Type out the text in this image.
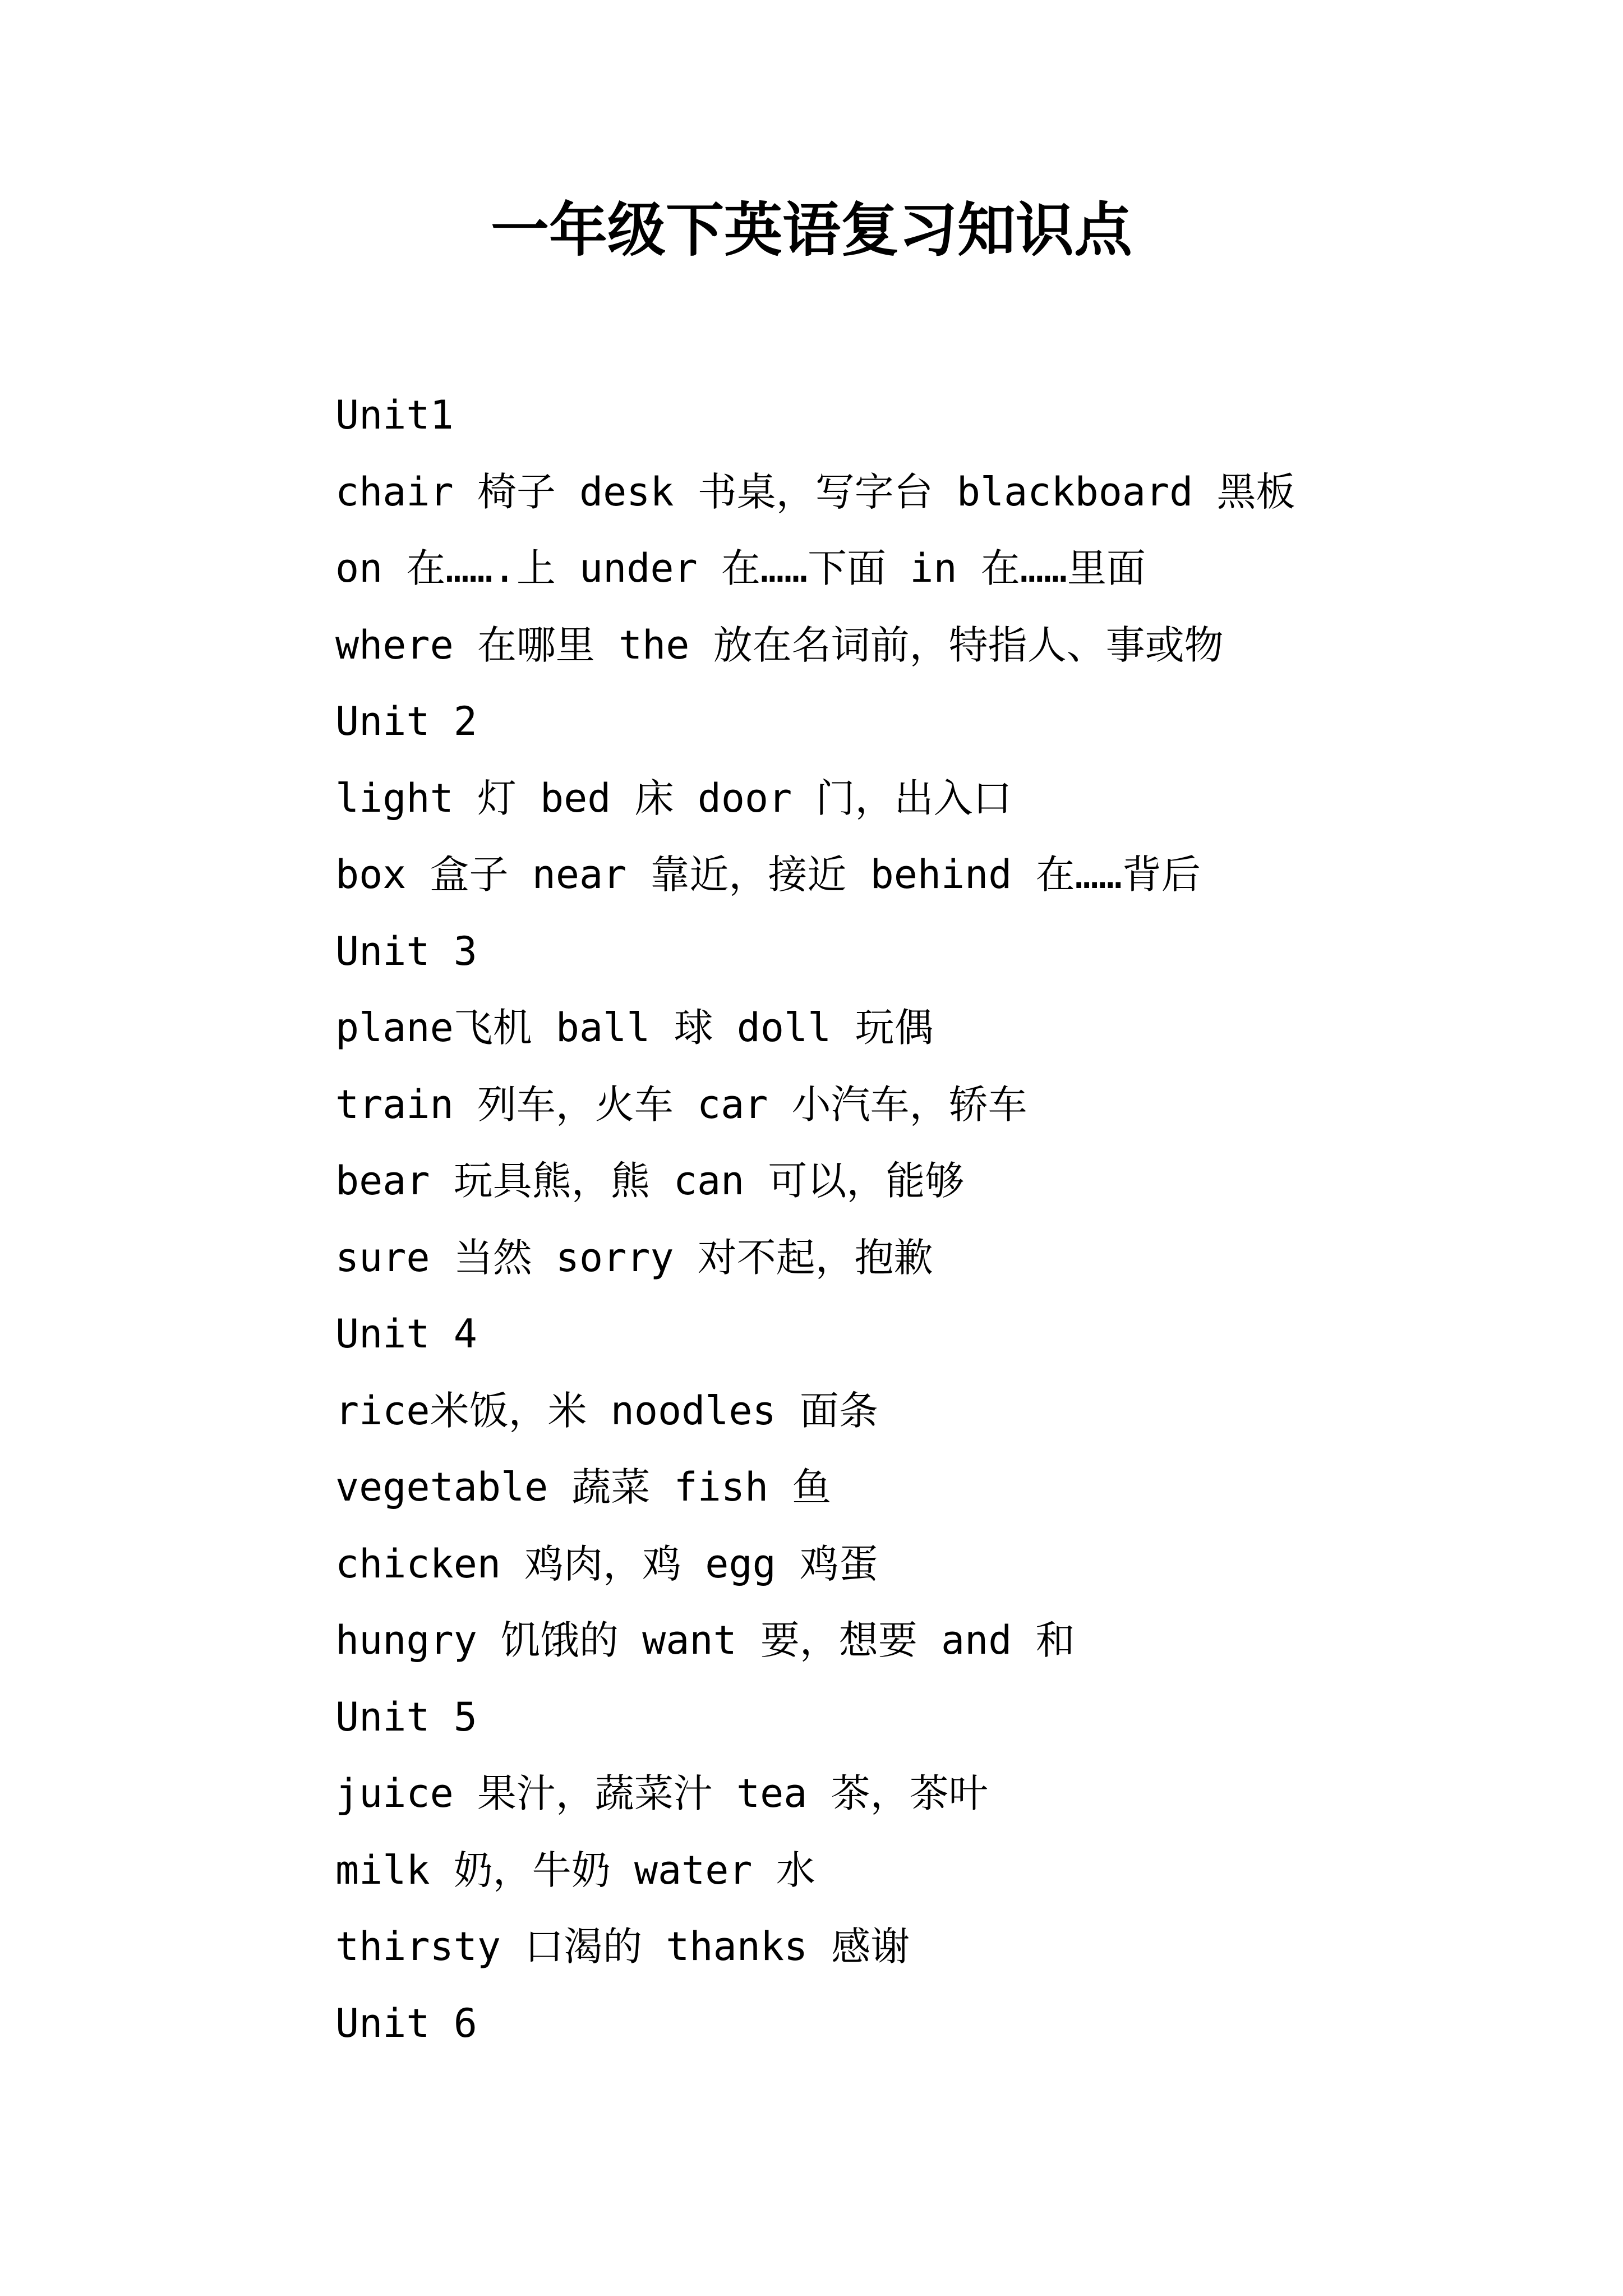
一年级下英语复习知识点
Unit1
chair 椅子 desk 书桌，写字台 blackboard 黑板
on 在…….上 under 在……下面 in 在……里面
where 在哪里 the 放在名词前，特指人、事或物
Unit 2
light 灯 bed 床 door 门，出入口
box 盒子 near 靠近，接近 behind 在……背后
Unit 3
plane飞机 ball 球 doll 玩偶
train 列车，火车 car 小汽车，轿车
bear 玩具熊，熊 can 可以，能够
sure 当然 sorry 对不起，抱歉
Unit 4
rice米饭，米 noodles 面条
vegetable 蔬菜 fish 鱼
chicken 鸡肉，鸡 egg 鸡蛋
hungry 饥饿的 want 要，想要 and 和
Unit 5
juice 果汁，蔬菜汁 tea 茶，茶叶
milk 奶，牛奶 water 水
thirsty 口渴的 thanks 感谢
Unit 6
